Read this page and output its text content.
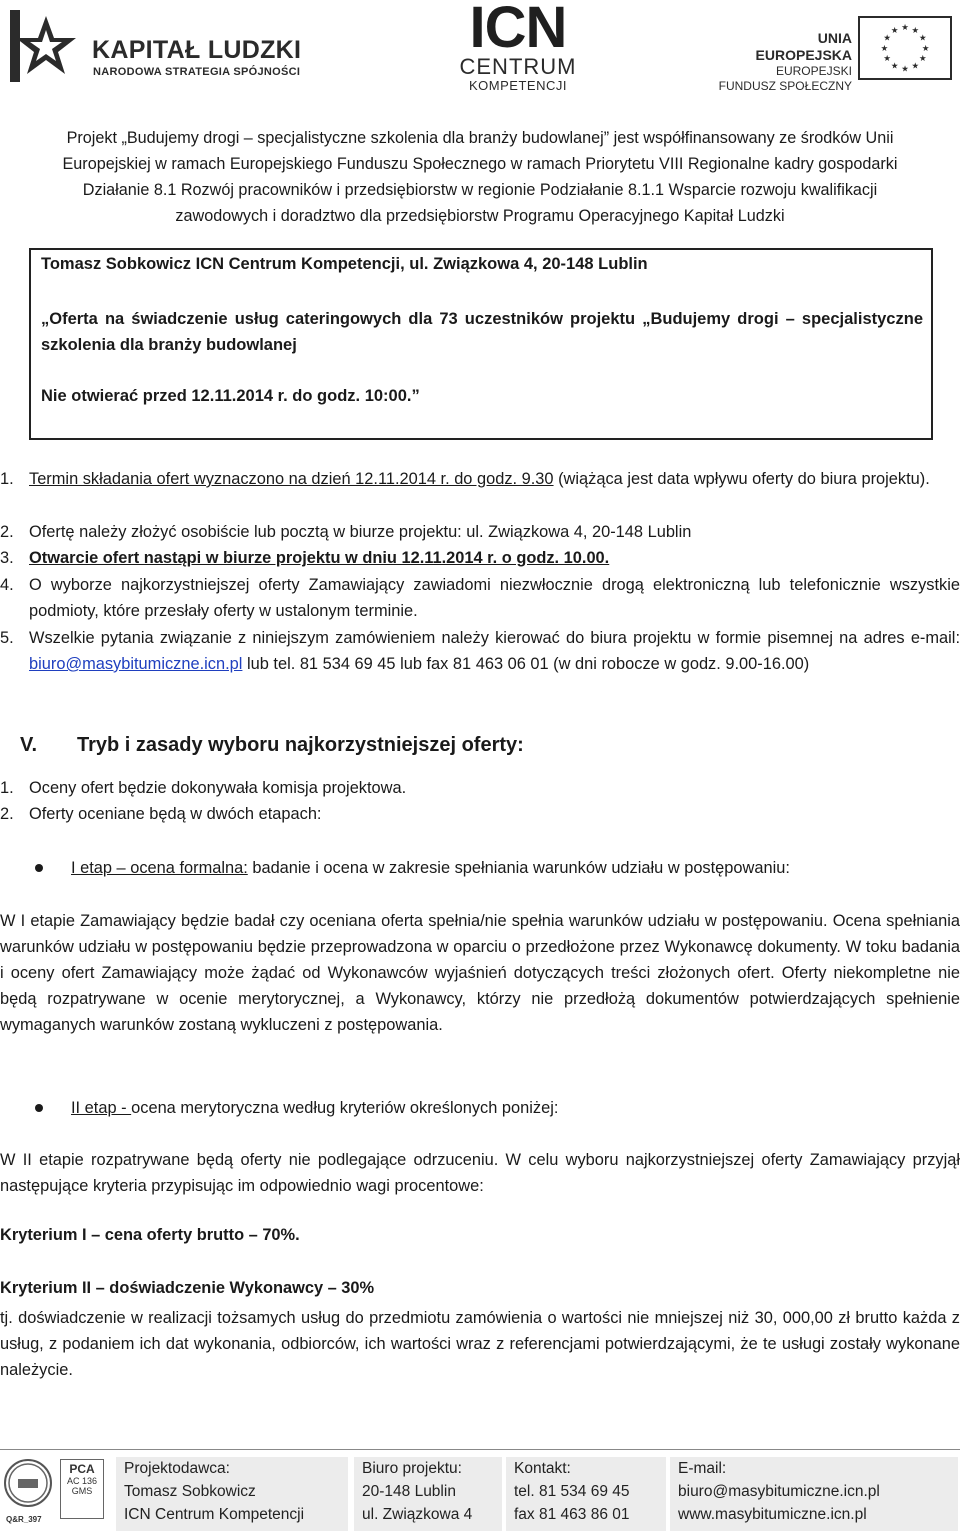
KAPITAŁ LUDZKI
NARODOWA STRATEGIA SPÓJNOŚCI
ICN
CENTRUM
KOMPETENCJI
UNIA EUROPEJSKA
EUROPEJSKI
FUNDUSZ SPOŁECZNY
★ ★
★
★
★
★
★
★
★
★
★
★
Projekt „Budujemy drogi – specjalistyczne szkolenia dla branży budowlanej” jest współfinansowany ze środków Unii
Europejskiej w ramach Europejskiego Funduszu Społecznego w ramach Priorytetu VIII Regionalne kadry gospodarki
Działanie 8.1 Rozwój pracowników i przedsiębiorstw w regionie Podziałanie 8.1.1 Wsparcie rozwoju kwalifikacji
zawodowych i doradztwo dla przedsiębiorstw Programu Operacyjnego Kapitał Ludzki
Tomasz Sobkowicz ICN Centrum Kompetencji, ul. Związkowa 4, 20-148 Lublin
„Oferta na świadczenie usług cateringowych dla 73 uczestników projektu „Budujemy drogi – specjalistyczne szkolenia dla branży budowlanej
Nie otwierać przed 12.11.2014 r. do godz. 10:00.”
1. Termin składania ofert wyznaczono na dzień 12.11.2014 r. do godz. 9.30 (wiążąca jest data wpływu oferty do biura projektu).
2. Ofertę należy złożyć osobiście lub pocztą w biurze projektu: ul. Związkowa 4, 20-148 Lublin
3. Otwarcie ofert nastąpi w biurze projektu w dniu 12.11.2014 r. o godz. 10.00.
4. O wyborze najkorzystniejszej oferty Zamawiający zawiadomi niezwłocznie drogą elektroniczną lub telefonicznie wszystkie podmioty, które przesłały oferty w ustalonym terminie.
5. Wszelkie pytania związanie z niniejszym zamówieniem należy kierować do biura projektu w formie pisemnej na adres e-mail: biuro@masybitumiczne.icn.pl lub tel. 81 534 69 45 lub fax 81 463 06 01 (w dni robocze w godz. 9.00-16.00)
V. Tryb i zasady wyboru najkorzystniejszej oferty:
1. Oceny ofert będzie dokonywała komisja projektowa.
2. Oferty oceniane będą w dwóch etapach:
I etap – ocena formalna: badanie i ocena w zakresie spełniania warunków udziału w postępowaniu:
W I etapie Zamawiający będzie badał czy oceniana oferta spełnia/nie spełnia warunków udziału w postępowaniu. Ocena spełniania warunków udziału w postępowaniu będzie przeprowadzona w oparciu o przedłożone przez Wykonawcę dokumenty. W toku badania i oceny ofert Zamawiający może żądać od Wykonawców wyjaśnień dotyczących treści złożonych ofert. Oferty niekompletne nie będą rozpatrywane w ocenie merytorycznej, a Wykonawcy, którzy nie przedłożą dokumentów potwierdzających spełnienie wymaganych warunków zostaną wykluczeni z postępowania.
II etap - ocena merytoryczna według kryteriów określonych poniżej:
W II etapie rozpatrywane będą oferty nie podlegające odrzuceniu. W celu wyboru najkorzystniejszej oferty Zamawiający przyjął następujące kryteria przypisując im odpowiednio wagi procentowe:
Kryterium I – cena oferty brutto – 70%.
Kryterium II – doświadczenie Wykonawcy – 30%
tj. doświadczenie w realizacji tożsamych usług do przedmiotu zamówienia o wartości nie mniejszej niż 30, 000,00 zł brutto każda z usług, z podaniem ich dat wykonania, odbiorców, ich wartości wraz z referencjami potwierdzającymi, że te usługi zostały wykonane należycie.
Q&R_397
PCA
AC 136
GMS
Projektodawca:
Tomasz Sobkowicz
ICN Centrum Kompetencji
Biuro projektu:
20-148 Lublin
ul. Związkowa 4
Kontakt:
tel. 81 534 69 45
fax 81 463 86 01
E-mail:
biuro@masybitumiczne.icn.pl
www.masybitumiczne.icn.pl
